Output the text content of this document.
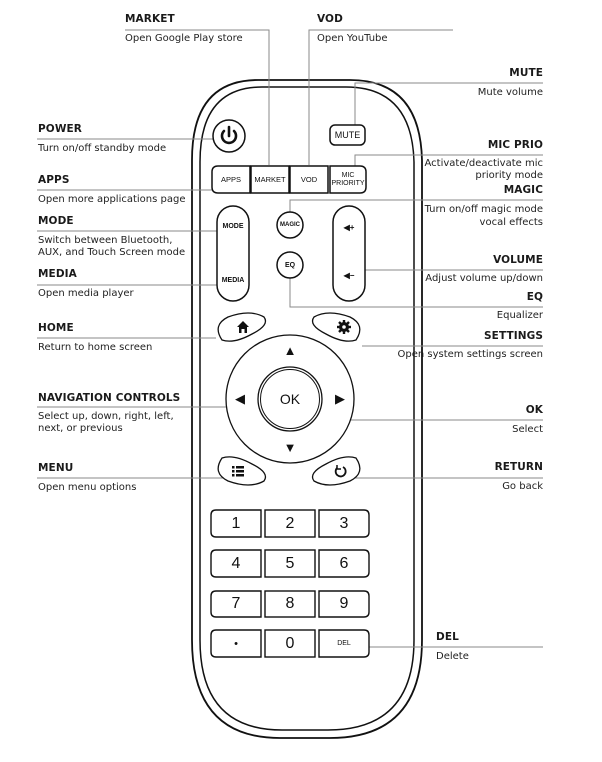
MUTE
APPS	MARKET	VOD	MIC
PRIORITY
MODE
MEDIA
MAGIC
EQ
◀+
◀−
OK
▲
▼
◀	▶
1	2	3
4	5	6
7	8	9
•	0	DEL
MARKET
Open Google Play store
VOD
Open YouTube
POWER
Turn on/off standby mode
APPS
Open more applications page
MODE
Switch between Bluetooth,
AUX, and Touch Screen mode
MEDIA
Open media player
HOME
Return to home screen
NAVIGATION CONTROLS
Select up, down, right, left,
next, or previous
MENU
Open menu options
MUTE
Mute volume
MIC PRIO
Activate/deactivate mic
priority mode
MAGIC
Turn on/off magic mode
vocal effects
VOLUME
Adjust volume up/down
EQ
Equalizer
SETTINGS
Open system settings screen
OK
Select
RETURN
Go back
DEL
Delete
